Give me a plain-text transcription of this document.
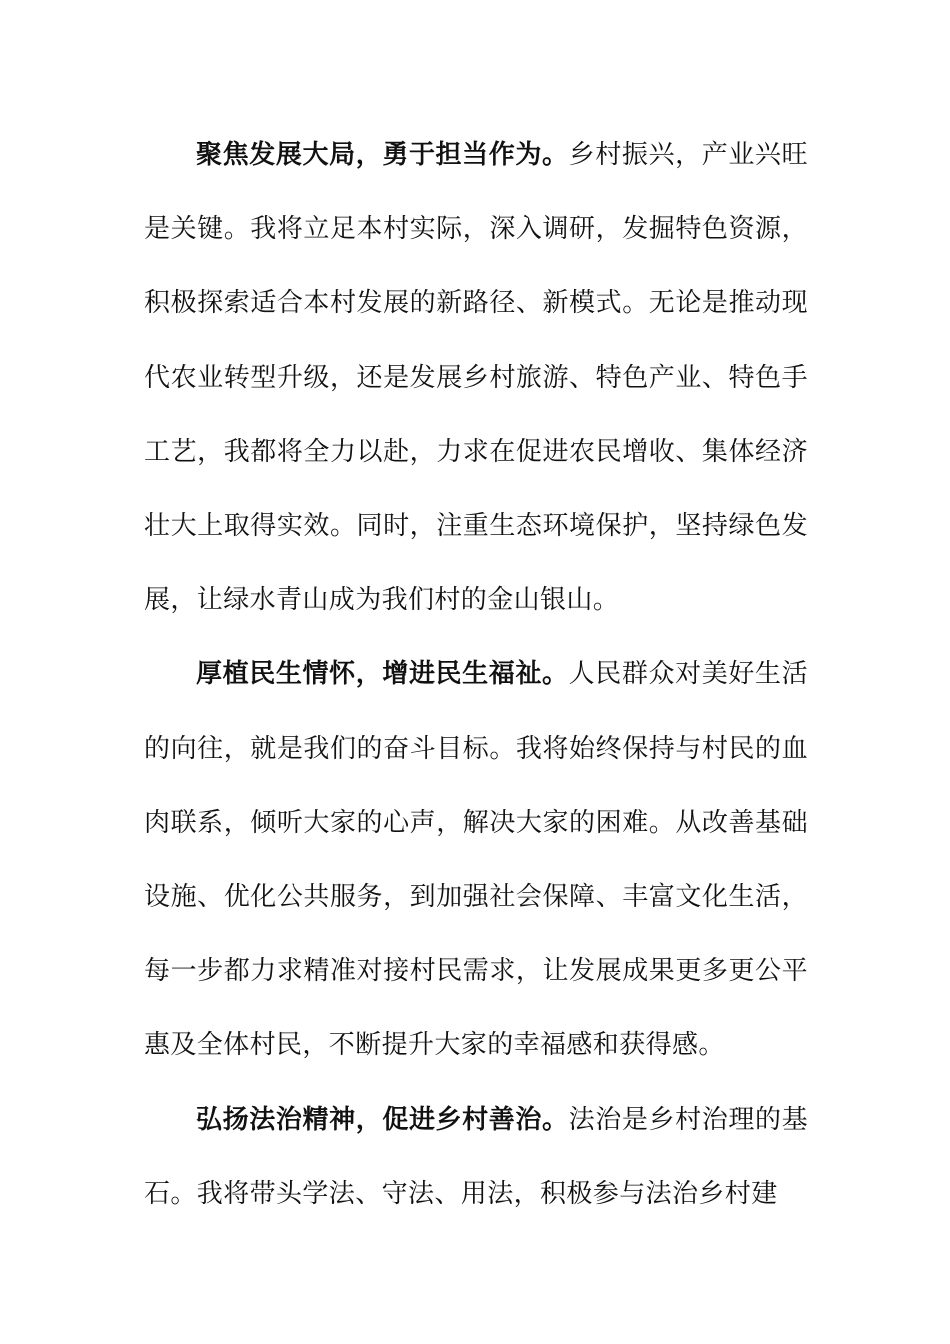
聚焦发展大局，勇于担当作为。乡村振兴，产业兴旺是关键。我将立足本村实际，深入调研，发掘特色资源，积极探索适合本村发展的新路径、新模式。无论是推动现代农业转型升级，还是发展乡村旅游、特色产业、特色手工艺，我都将全力以赴，力求在促进农民增收、集体经济壮大上取得实效。同时，注重生态环境保护，坚持绿色发展，让绿水青山成为我们村的金山银山。

厚植民生情怀，增进民生福祉。人民群众对美好生活的向往，就是我们的奋斗目标。我将始终保持与村民的血肉联系，倾听大家的心声，解决大家的困难。从改善基础设施、优化公共服务，到加强社会保障、丰富文化生活，每一步都力求精准对接村民需求，让发展成果更多更公平惠及全体村民，不断提升大家的幸福感和获得感。

弘扬法治精神，促进乡村善治。法治是乡村治理的基石。我将带头学法、守法、用法，积极参与法治乡村建
